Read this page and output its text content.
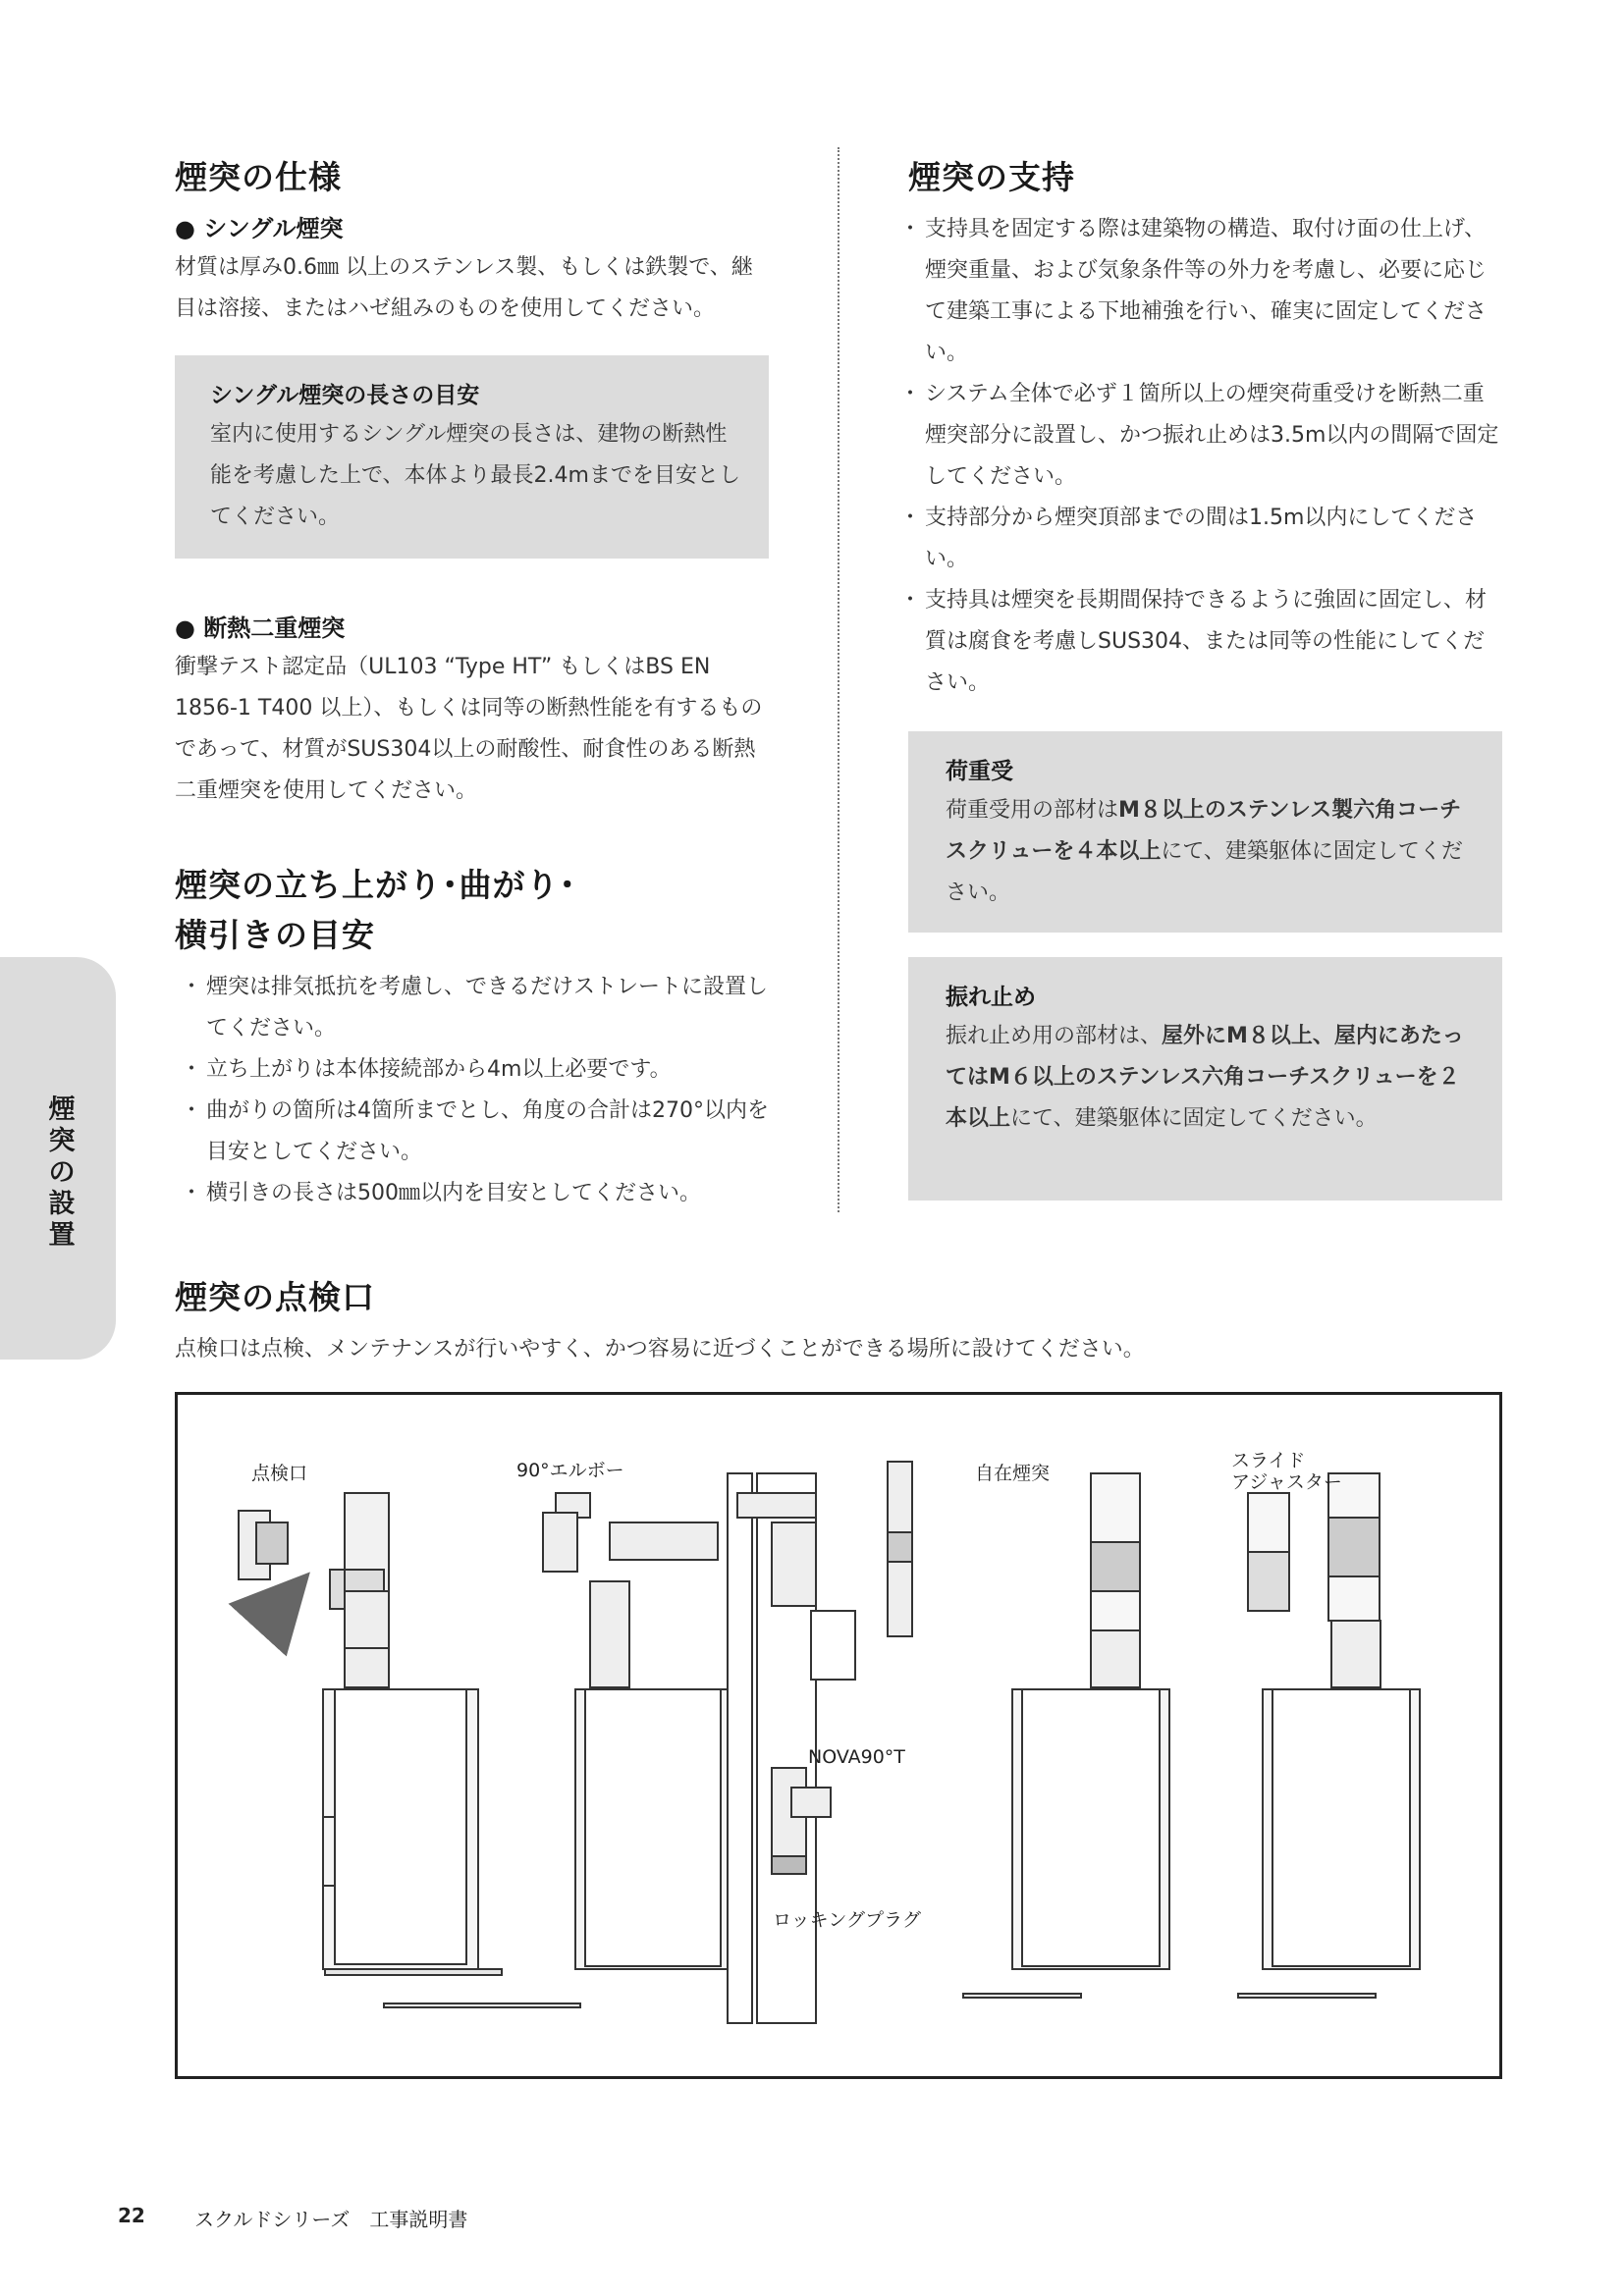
煙突の仕様
● シングル煙突
材質は厚み0.6㎜ 以上のステンレス製、もしくは鉄製で、継目は溶接、またはハゼ組みのものを使用してください。
シングル煙突の長さの目安
室内に使用するシングル煙突の長さは、建物の断熱性能を考慮した上で、本体より最長2.4mまでを目安としてください。
● 断熱二重煙突
衝撃テスト認定品（UL103 “Type HT” もしくはBS EN 1856-1 T400 以上）、もしくは同等の断熱性能を有するものであって、材質がSUS304以上の耐酸性、耐食性のある断熱二重煙突を使用してください。
煙突の立ち上がり･曲がり･
横引きの目安
・ 煙突は排気抵抗を考慮し、できるだけストレートに設置してください。
・ 立ち上がりは本体接続部から4m以上必要です。
・ 曲がりの箇所は4箇所までとし、角度の合計は270°以内を目安としてください。
・ 横引きの長さは500㎜以内を目安としてください。
煙突の支持
・ 支持具を固定する際は建築物の構造、取付け面の仕上げ、煙突重量、および気象条件等の外力を考慮し、必要に応じて建築工事による下地補強を行い、確実に固定してください。
・ システム全体で必ず１箇所以上の煙突荷重受けを断熱二重煙突部分に設置し、かつ振れ止めは3.5m以内の間隔で固定してください。
・ 支持部分から煙突頂部までの間は1.5m以内にしてください。
・ 支持具は煙突を長期間保持できるように強固に固定し、材質は腐食を考慮しSUS304、または同等の性能にしてください。
荷重受
荷重受用の部材はM８以上のステンレス製六角コーチスクリューを４本以上にて、建築躯体に固定してください。
振れ止め
振れ止め用の部材は、屋外にM８以上、屋内にあたってはM６以上のステンレス六角コーチスクリューを２本以上にて、建築躯体に固定してください。
煙突の設置
煙突の点検口
点検口は点検、メンテナンスが行いやすく、かつ容易に近づくことができる場所に設けてください。
点検口	90°エルボー
NOVA90°T
ロッキングプラグ
自在煙突
スライド
アジャスター
22	スクルドシリーズ　工事説明書
